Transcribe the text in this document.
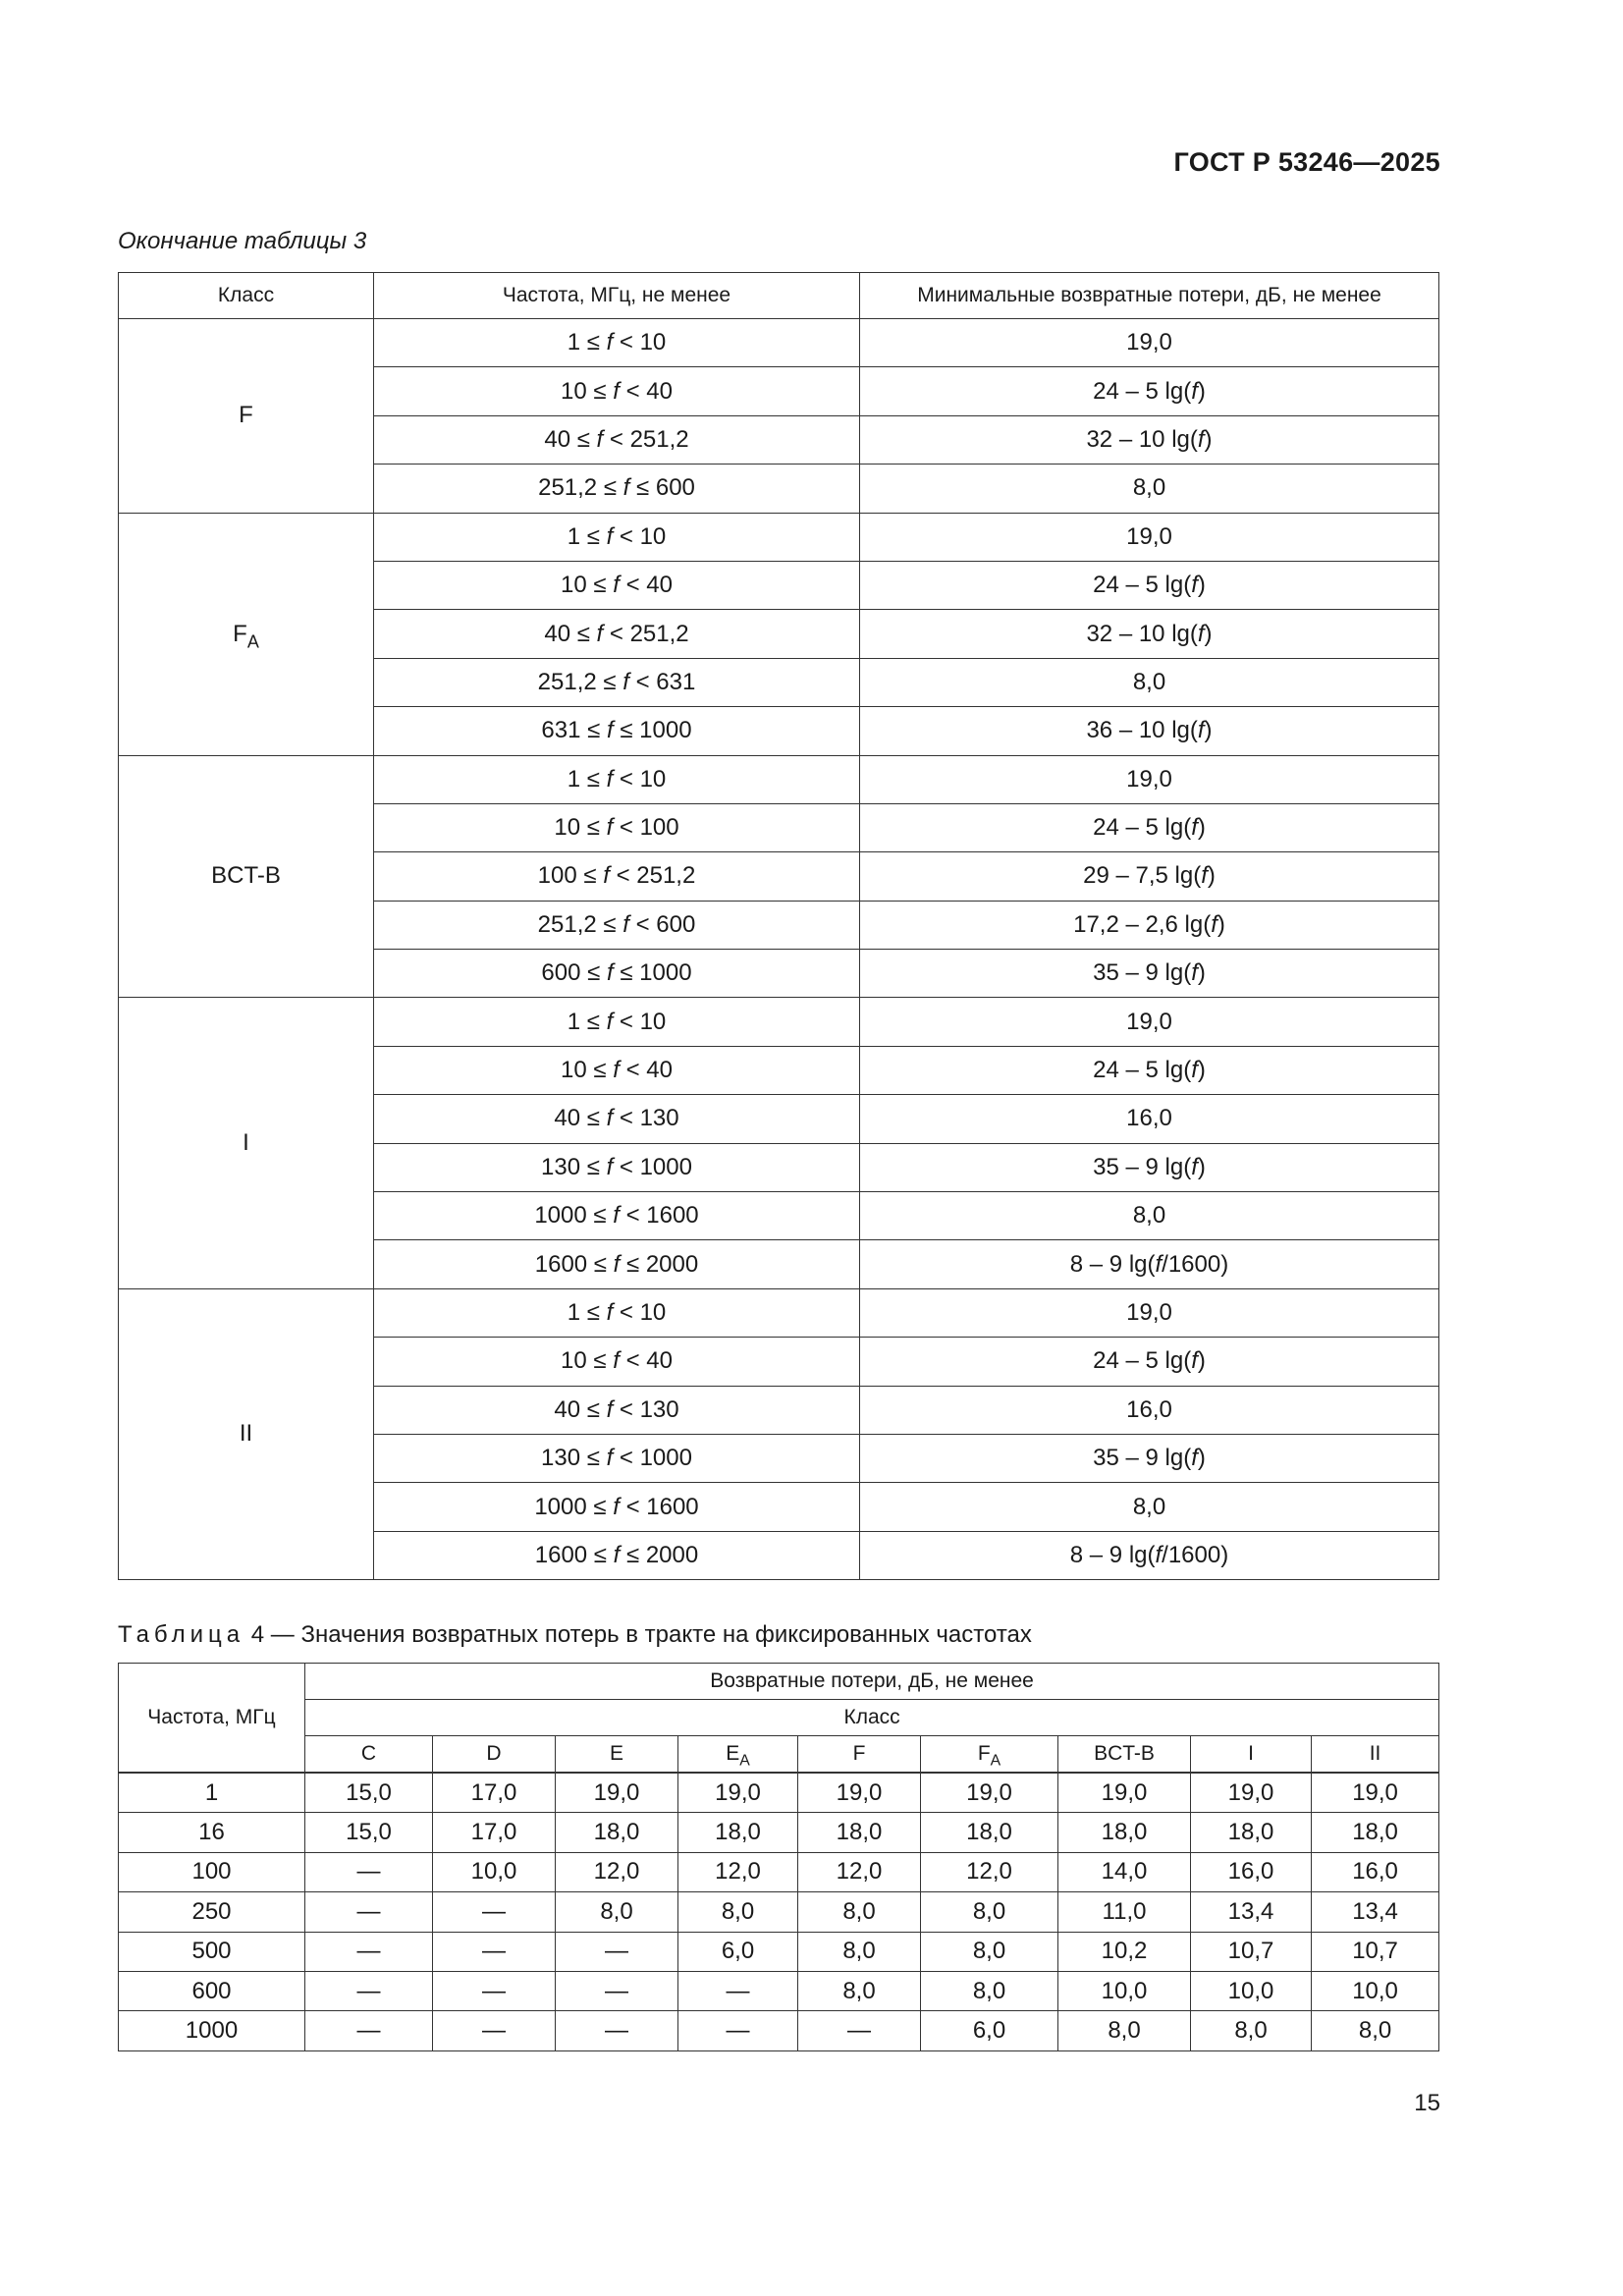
ГОСТ Р 53246—2025
Окончание таблицы 3
Класс	Частота, МГц, не менее	Минимальные возвратные потери, дБ, не менее
F	1 ≤ f < 10	19,0
	10 ≤ f < 40	24 – 5 lg(f)
	40 ≤ f < 251,2	32 – 10 lg(f)
	251,2 ≤ f ≤ 600	8,0
$F_A$	1 ≤ f < 10	19,0
	10 ≤ f < 40	24 – 5 lg(f)
	40 ≤ f < 251,2	32 – 10 lg(f)
	251,2 ≤ f < 631	8,0
	631 ≤ f ≤ 1000	36 – 10 lg(f)
BCT-B	1 ≤ f < 10	19,0
	10 ≤ f < 100	24 – 5 lg(f)
	100 ≤ f < 251,2	29 – 7,5 lg(f)
	251,2 ≤ f < 600	17,2 – 2,6 lg(f)
	600 ≤ f ≤ 1000	35 – 9 lg(f)
I	1 ≤ f < 10	19,0
	10 ≤ f < 40	24 – 5 lg(f)
	40 ≤ f < 130	16,0
	130 ≤ f < 1000	35 – 9 lg(f)
	1000 ≤ f < 1600	8,0
	1600 ≤ f ≤ 2000	8 – 9 lg(f/1600)
II	1 ≤ f < 10	19,0
	10 ≤ f < 40	24 – 5 lg(f)
	40 ≤ f < 130	16,0
	130 ≤ f < 1000	35 – 9 lg(f)
	1000 ≤ f < 1600	8,0
	1600 ≤ f ≤ 2000	8 – 9 lg(f/1600)
Таблица 4 — Значения возвратных потерь в тракте на фиксированных частотах
Частота, МГц	Возвратные потери, дБ, не менее								
	Класс								
	C	D	E	$E_A$	F	$F_A$	BCT-B	I	II
1	15,0	17,0	19,0	19,0	19,0	19,0	19,0	19,0	19,0
16	15,0	17,0	18,0	18,0	18,0	18,0	18,0	18,0	18,0
100	—	10,0	12,0	12,0	12,0	12,0	14,0	16,0	16,0
250	—	—	8,0	8,0	8,0	8,0	11,0	13,4	13,4
500	—	—	—	6,0	8,0	8,0	10,2	10,7	10,7
600	—	—	—	—	8,0	8,0	10,0	10,0	10,0
1000	—	—	—	—	—	6,0	8,0	8,0	8,0
15
